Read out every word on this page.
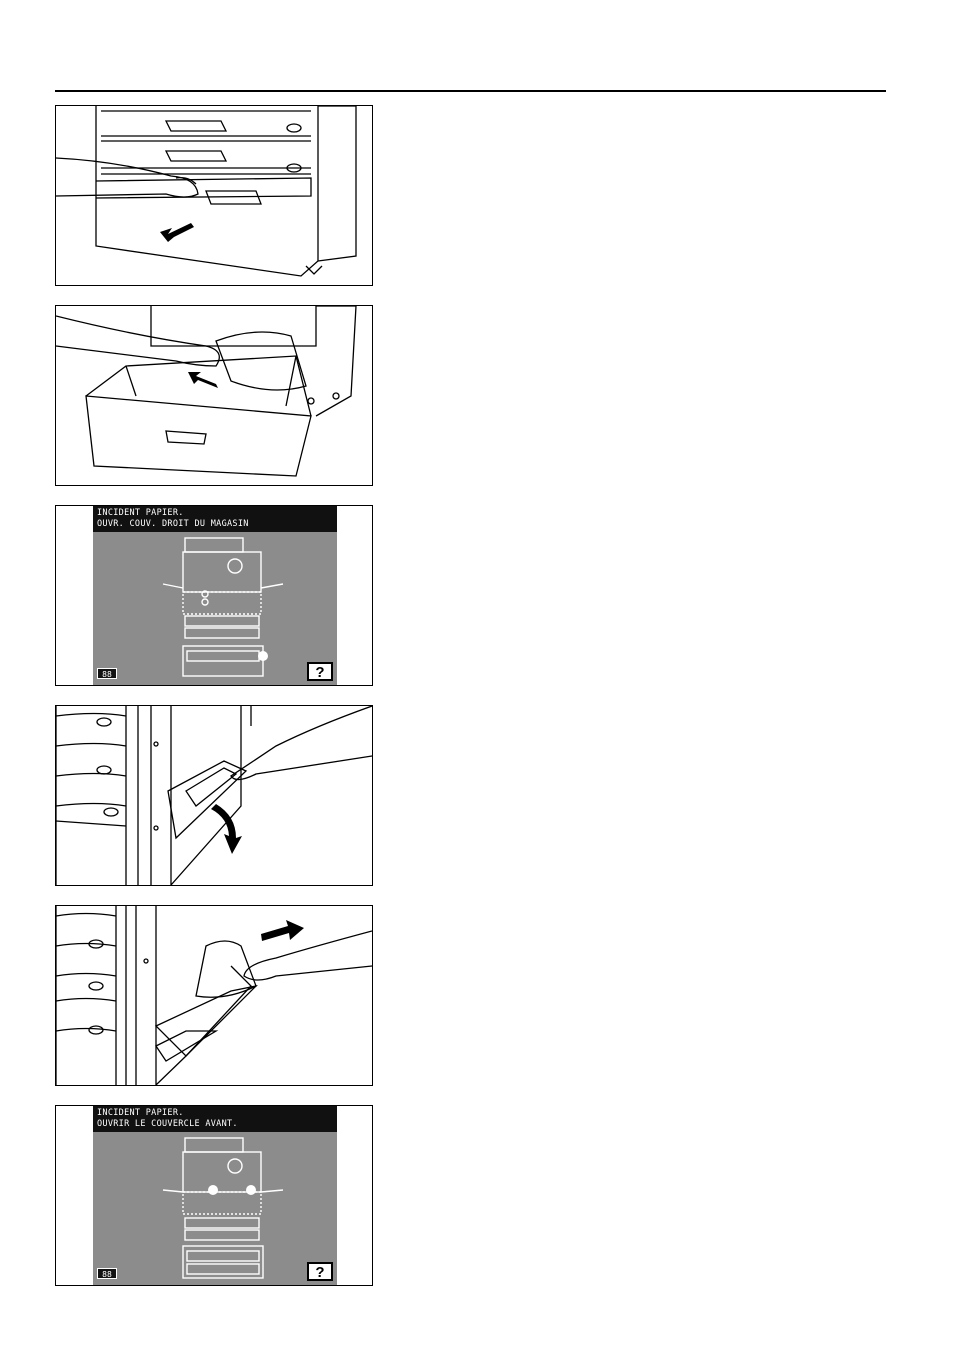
INCIDENT PAPIER.
OUVR. COUV. DROIT DU MAGASIN
88	?
INCIDENT PAPIER.
OUVRIR LE COUVERCLE AVANT.
88	?
